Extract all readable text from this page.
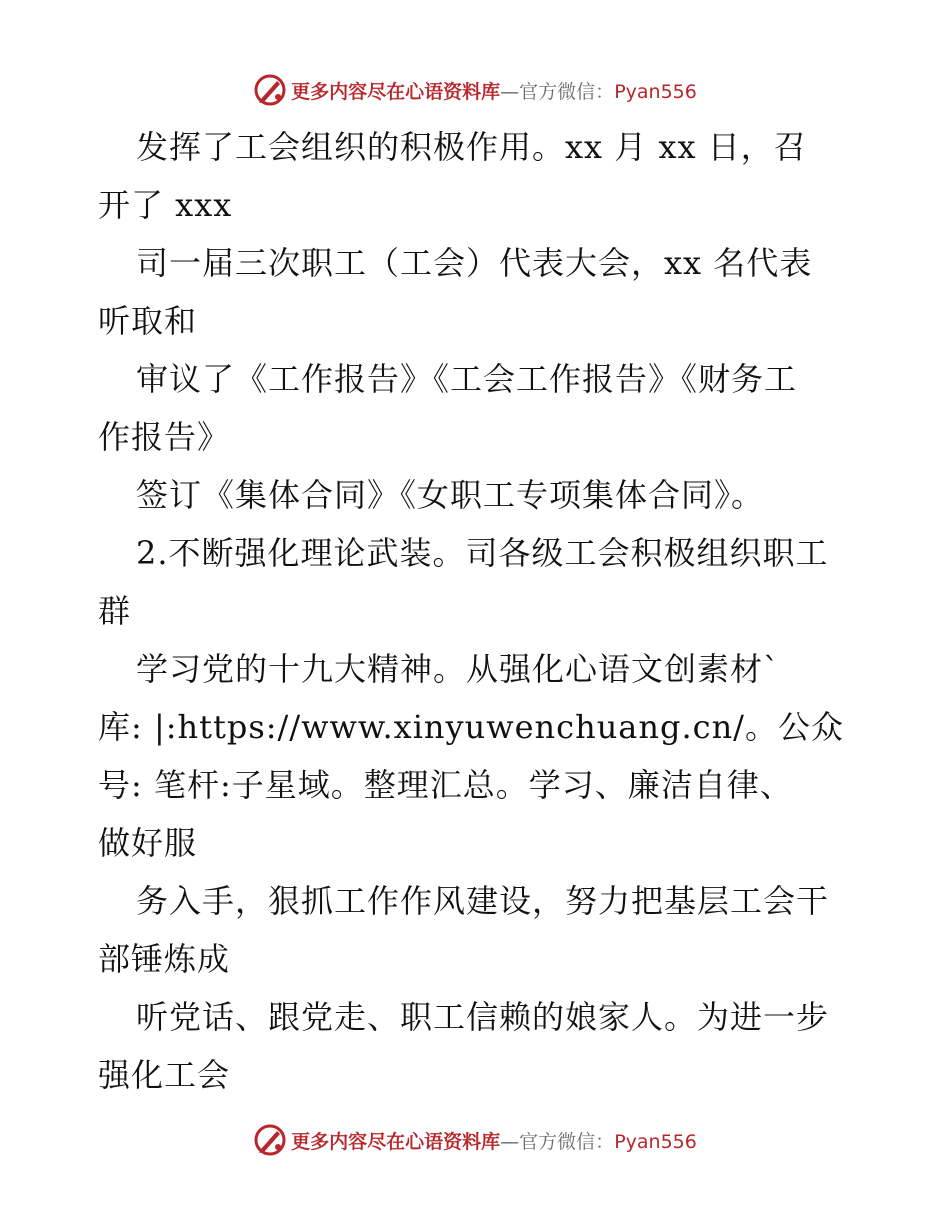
更多内容尽在心语资料库—官方微信：Pyan556
发挥了工会组织的积极作用。xx 月 xx 日，召
开了 xxx
司一届三次职工（工会）代表大会，xx 名代表
听取和
审议了《工作报告》《工会工作报告》《财务工
作报告》
签订《集体合同》《女职工专项集体合同》。
2.不断强化理论武装。司各级工会积极组织职工
群
学习党的十九大精神。从强化心语文创素材`
库: |:https://www.xinyuwenchuang.cn/。公众
号: 笔杆:子星域。整理汇总。学习、廉洁自律、
做好服
务入手，狠抓工作作风建设，努力把基层工会干
部锤炼成
听党话、跟党走、职工信赖的娘家人。为进一步
强化工会
更多内容尽在心语资料库—官方微信：Pyan556
